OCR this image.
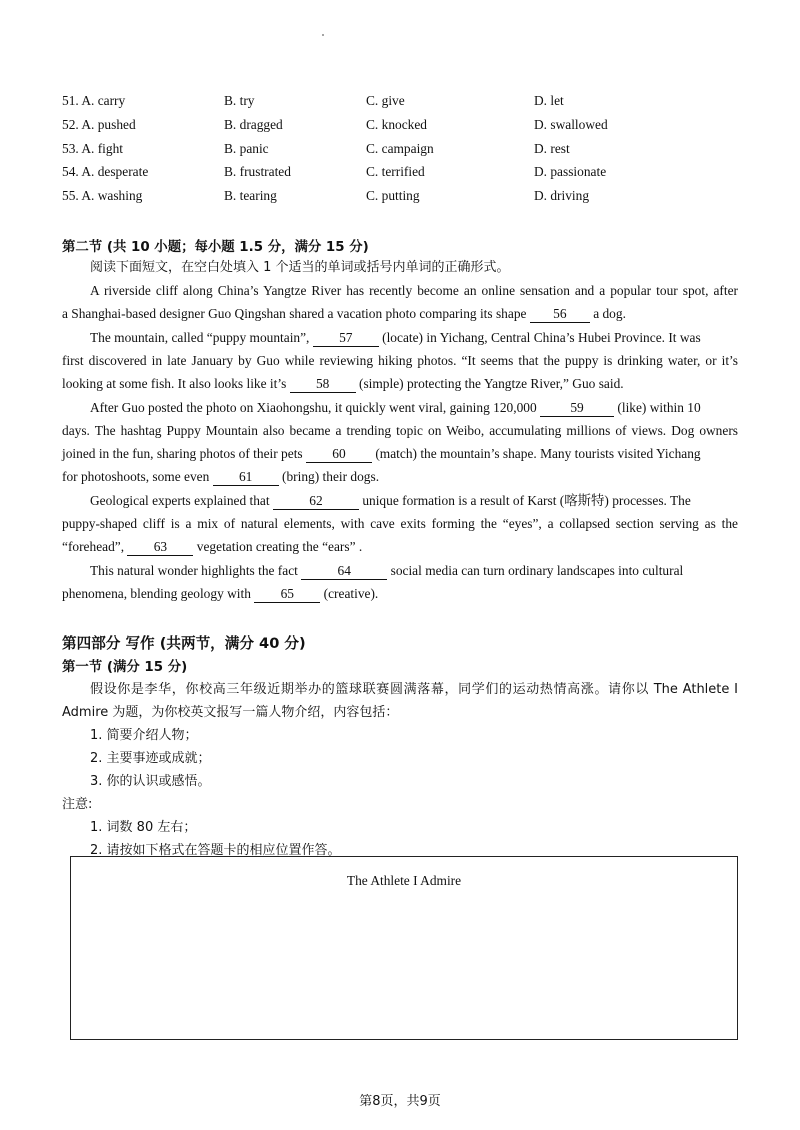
51. A. carry	B. try	C. give	D. let
52. A. pushed	B. dragged	C. knocked	D. swallowed
53. A. fight	B. panic	C. campaign	D. rest
54. A. desperate	B. frustrated	C. terrified	D. passionate
55. A. washing	B. tearing	C. putting	D. driving
第二节 (共 10 小题；每小题 1.5 分，满分 15 分)
阅读下面短文，在空白处填入 1 个适当的单词或括号内单词的正确形式。
A riverside cliff along China’s Yangtze River has recently become an online sensation and a popular tour spot, after
a Shanghai-based designer Guo Qingshan shared a vacation photo comparing its shape 56 a dog.
The mountain, called “puppy mountain”, 57 (locate) in Yichang, Central China’s Hubei Province. It was
first discovered in late January by Guo while reviewing hiking photos. “It seems that the puppy is drinking water, or it’s
looking at some fish. It also looks like it’s 58 (simple) protecting the Yangtze River,” Guo said.
After Guo posted the photo on Xiaohongshu, it quickly went viral, gaining 120,000	59	(like) within 10
days. The hashtag Puppy Mountain also became a trending topic on Weibo, accumulating millions of views. Dog owners
joined in the fun, sharing photos of their pets 60 (match) the mountain’s shape. Many tourists visited Yichang
for photoshoots, some even 61 (bring) their dogs.
Geological experts explained that	62	unique formation is a result of Karst (喀斯特) processes. The
puppy-shaped cliff is a mix of natural elements, with cave exits forming the “eyes”, a collapsed section serving as the
“forehead”, 63 vegetation creating the “ears” .
This natural wonder highlights the fact	64	social media can turn ordinary landscapes into cultural
phenomena, blending geology with 65 (creative).
第四部分 写作 (共两节，满分 40 分)
第一节 (满分 15 分)
假设你是李华，你校高三年级近期举办的篮球联赛圆满落幕，同学们的运动热情高涨。请你以 The Athlete I
Admire 为题，为你校英文报写一篇人物介绍，内容包括：
1. 简要介绍人物；
2. 主要事迹或成就；
3. 你的认识或感悟。
注意:
1. 词数 80 左右；
2. 请按如下格式在答题卡的相应位置作答。
The Athlete I Admire
第8页，共9页
